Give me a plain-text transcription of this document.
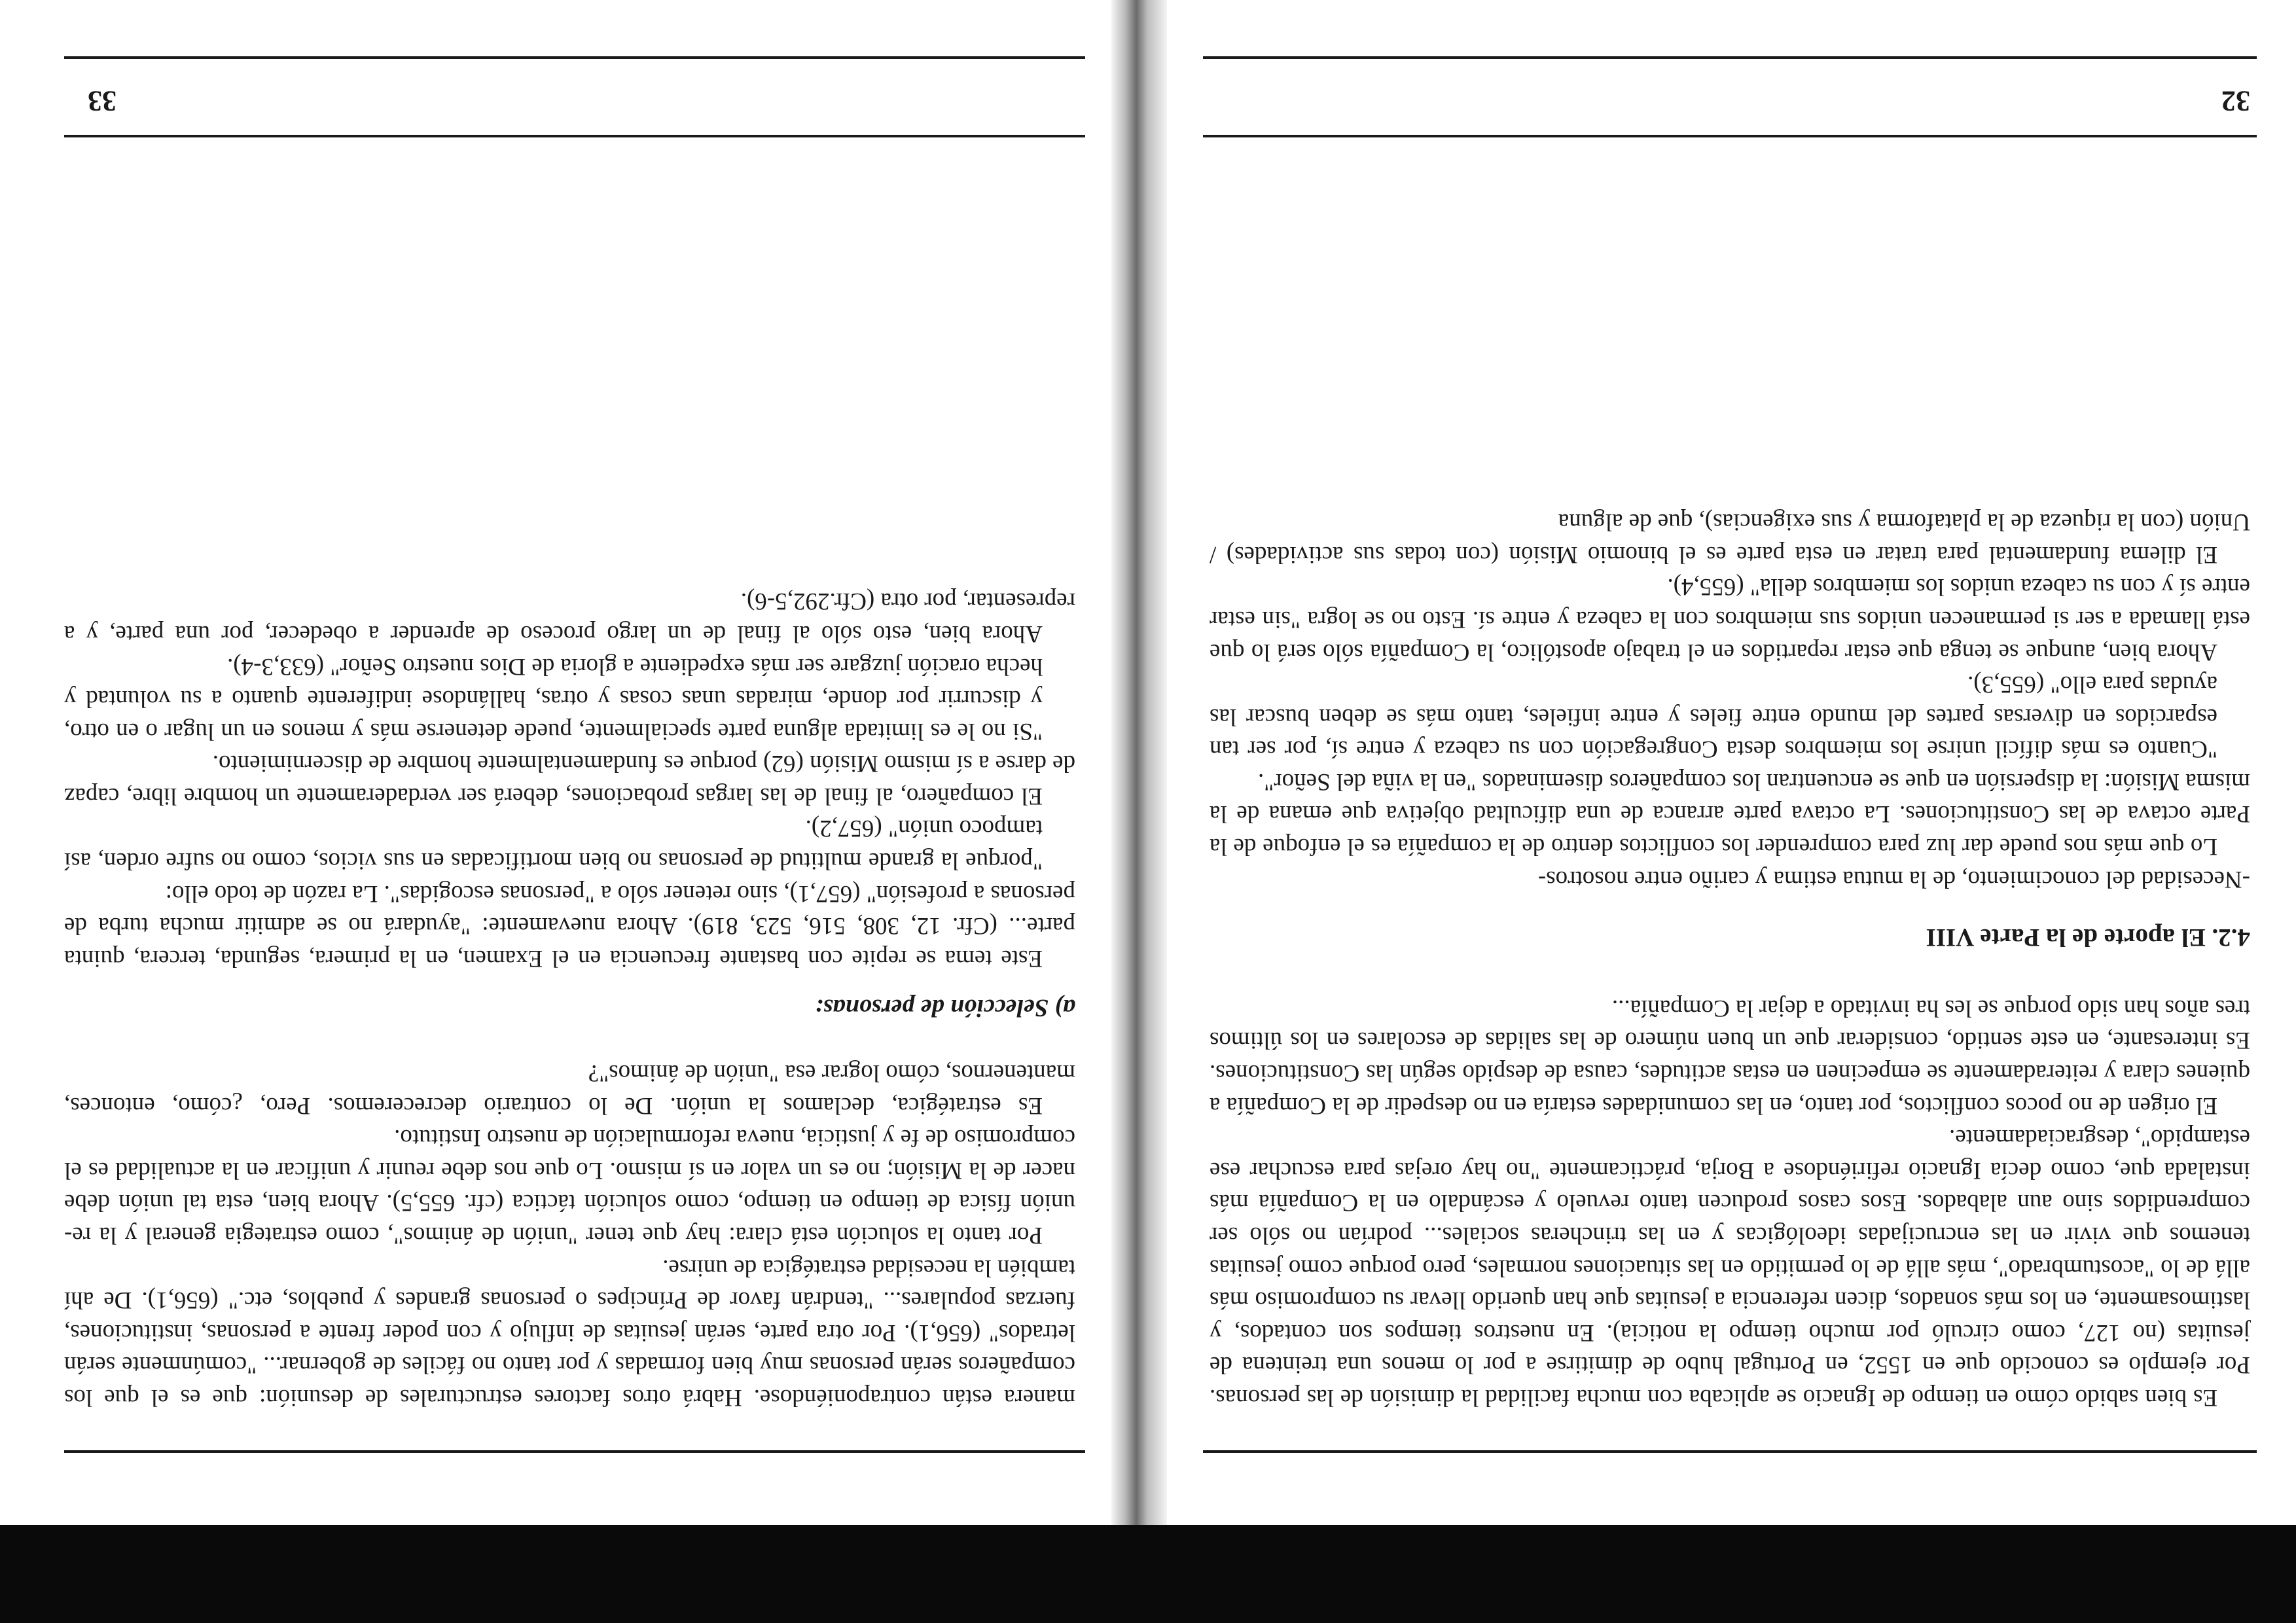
Es bien sabido cómo en tiempo de Ignacio se aplicaba con mucha facilidad la dimisión de las personas. Por ejemplo es conocido que en 1552, en Portugal hubo de dimitirse a por lo menos una treintena de jesuitas (no 127, como circuló por mucho tiempo la noticia). En nuestros tiempos son contados, y lastimosamente, en los más sonados, dicen referencia a jesuitas que han querido llevar su compromiso más allá de lo "acostumbrado", más allá de lo permitido en las situaciones normales, pero porque como jesuitas tenemos que vivir en las encrucijadas ideológicas y en las trincheras sociales... podrían no sólo ser comprendidos sino aun alabados. Esos casos producen tanto revuelo y escándalo en la Compañía más instalada que, como decía Ignacio refiriéndose a Borja, prácticamente "no hay orejas para escuchar ese estampido", desgraciadamente.

El origen de no pocos conflictos, por tanto, en las comunidades estaría en no despedir de la Compañía a quienes clara y reiteradamente se empecinen en estas actitudes, causa de despido según las Constituciones. Es interesante, en este sentido, considerar que un buen número de las salidas de escolares en los últimos tres años han sido porque se les ha invitado a dejar la Compañía...

4.2. El aporte de la Parte VIII

-Necesidad del conocimiento, de la mutua estima y cariño entre nosotros-

Lo que más nos puede dar luz para comprender los conflictos dentro de la compañía es el enfoque de la Parte octava de las Constituciones. La octava parte arranca de una dificultad objetiva que emana de la misma Misión: la dispersión en que se encuentran los compañeros diseminados "en la viña del Señor".

"Cuanto es más difícil unirse los miembros desta Congregación con su cabeza y entre sí, por ser tan esparcidos en diversas partes del mundo entre fieles y entre infieles, tanto más se deben buscar las ayudas para ello" (655,3).

Ahora bien, aunque se tenga que estar repartidos en el trabajo apostólico, la Compañía sólo será lo que está llamada a ser si permanecen unidos sus miembros con la cabeza y entre sí. Esto no se logra "sin estar entre sí y con su cabeza unidos los miembros della" (655,4).

El dilema fundamental para tratar en esta parte es el binomio Misión (con todas sus actividades) / Unión (con la riqueza de la plataforma y sus exigencias), que de alguna

32

manera están contraponiéndose. Habrá otros factores estructurales de desunión: que es el que los compañeros serán personas muy bien formadas y por tanto no fáciles de gobernar... "comúnmente serán letrados" (656,1). Por otra parte, serán jesuitas de influjo y con poder frente a personas, instituciones, fuerzas populares... "tendrán favor de Príncipes o personas grandes y pueblos, etc." (656,1). De ahí también la necesidad estratégica de unirse.

Por tanto la solución está clara: hay que tener "unión de ánimos", como estrategia general y la re-unión física de tiempo en tiempo, como solución táctica (cfr. 655,5). Ahora bien, esta tal unión debe nacer de la Misión; no es un valor en sí mismo. Lo que nos debe reunir y unificar en la actualidad es el compromiso de fe y justicia, nueva reformulación de nuestro Instituto.

Es estratégica, declamos la unión. De lo contrario decreceremos. Pero, ¿cómo, entonces, mantenernos, cómo lograr esa "unión de ánimos"?

a) Selección de personas:

Este tema se repite con bastante frecuencia en el Examen, en la primera, segunda, tercera, quinta parte... (Cfr. 12, 308, 516, 523, 819). Ahora nuevamente: "ayudará no se admitir mucha turba de personas a profesión" (657,1), sino retener sólo a "personas escogidas". La razón de todo ello:

"porque la grande multitud de personas no bien mortificadas en sus vicios, como no sufre orden, así tampoco unión" (657,2).

El compañero, al final de las largas probaciones, deberá ser verdaderamente un hombre libre, capaz de darse a sí mismo Misión (62) porque es fundamentalmente hombre de discernimiento.

"Si no le es limitada alguna parte specialmente, puede detenerse más y menos en un lugar o en otro, y discurrir por donde, miradas unas cosas y otras, hallándose indiferente quanto a su voluntad y hecha oración juzgare ser más expediente a gloria de Dios nuestro Señor" (633,3-4).

Ahora bien, esto sólo al final de un largo proceso de aprender a obedecer, por una parte, y a representar, por otra (Cfr.292,5-6).

33
